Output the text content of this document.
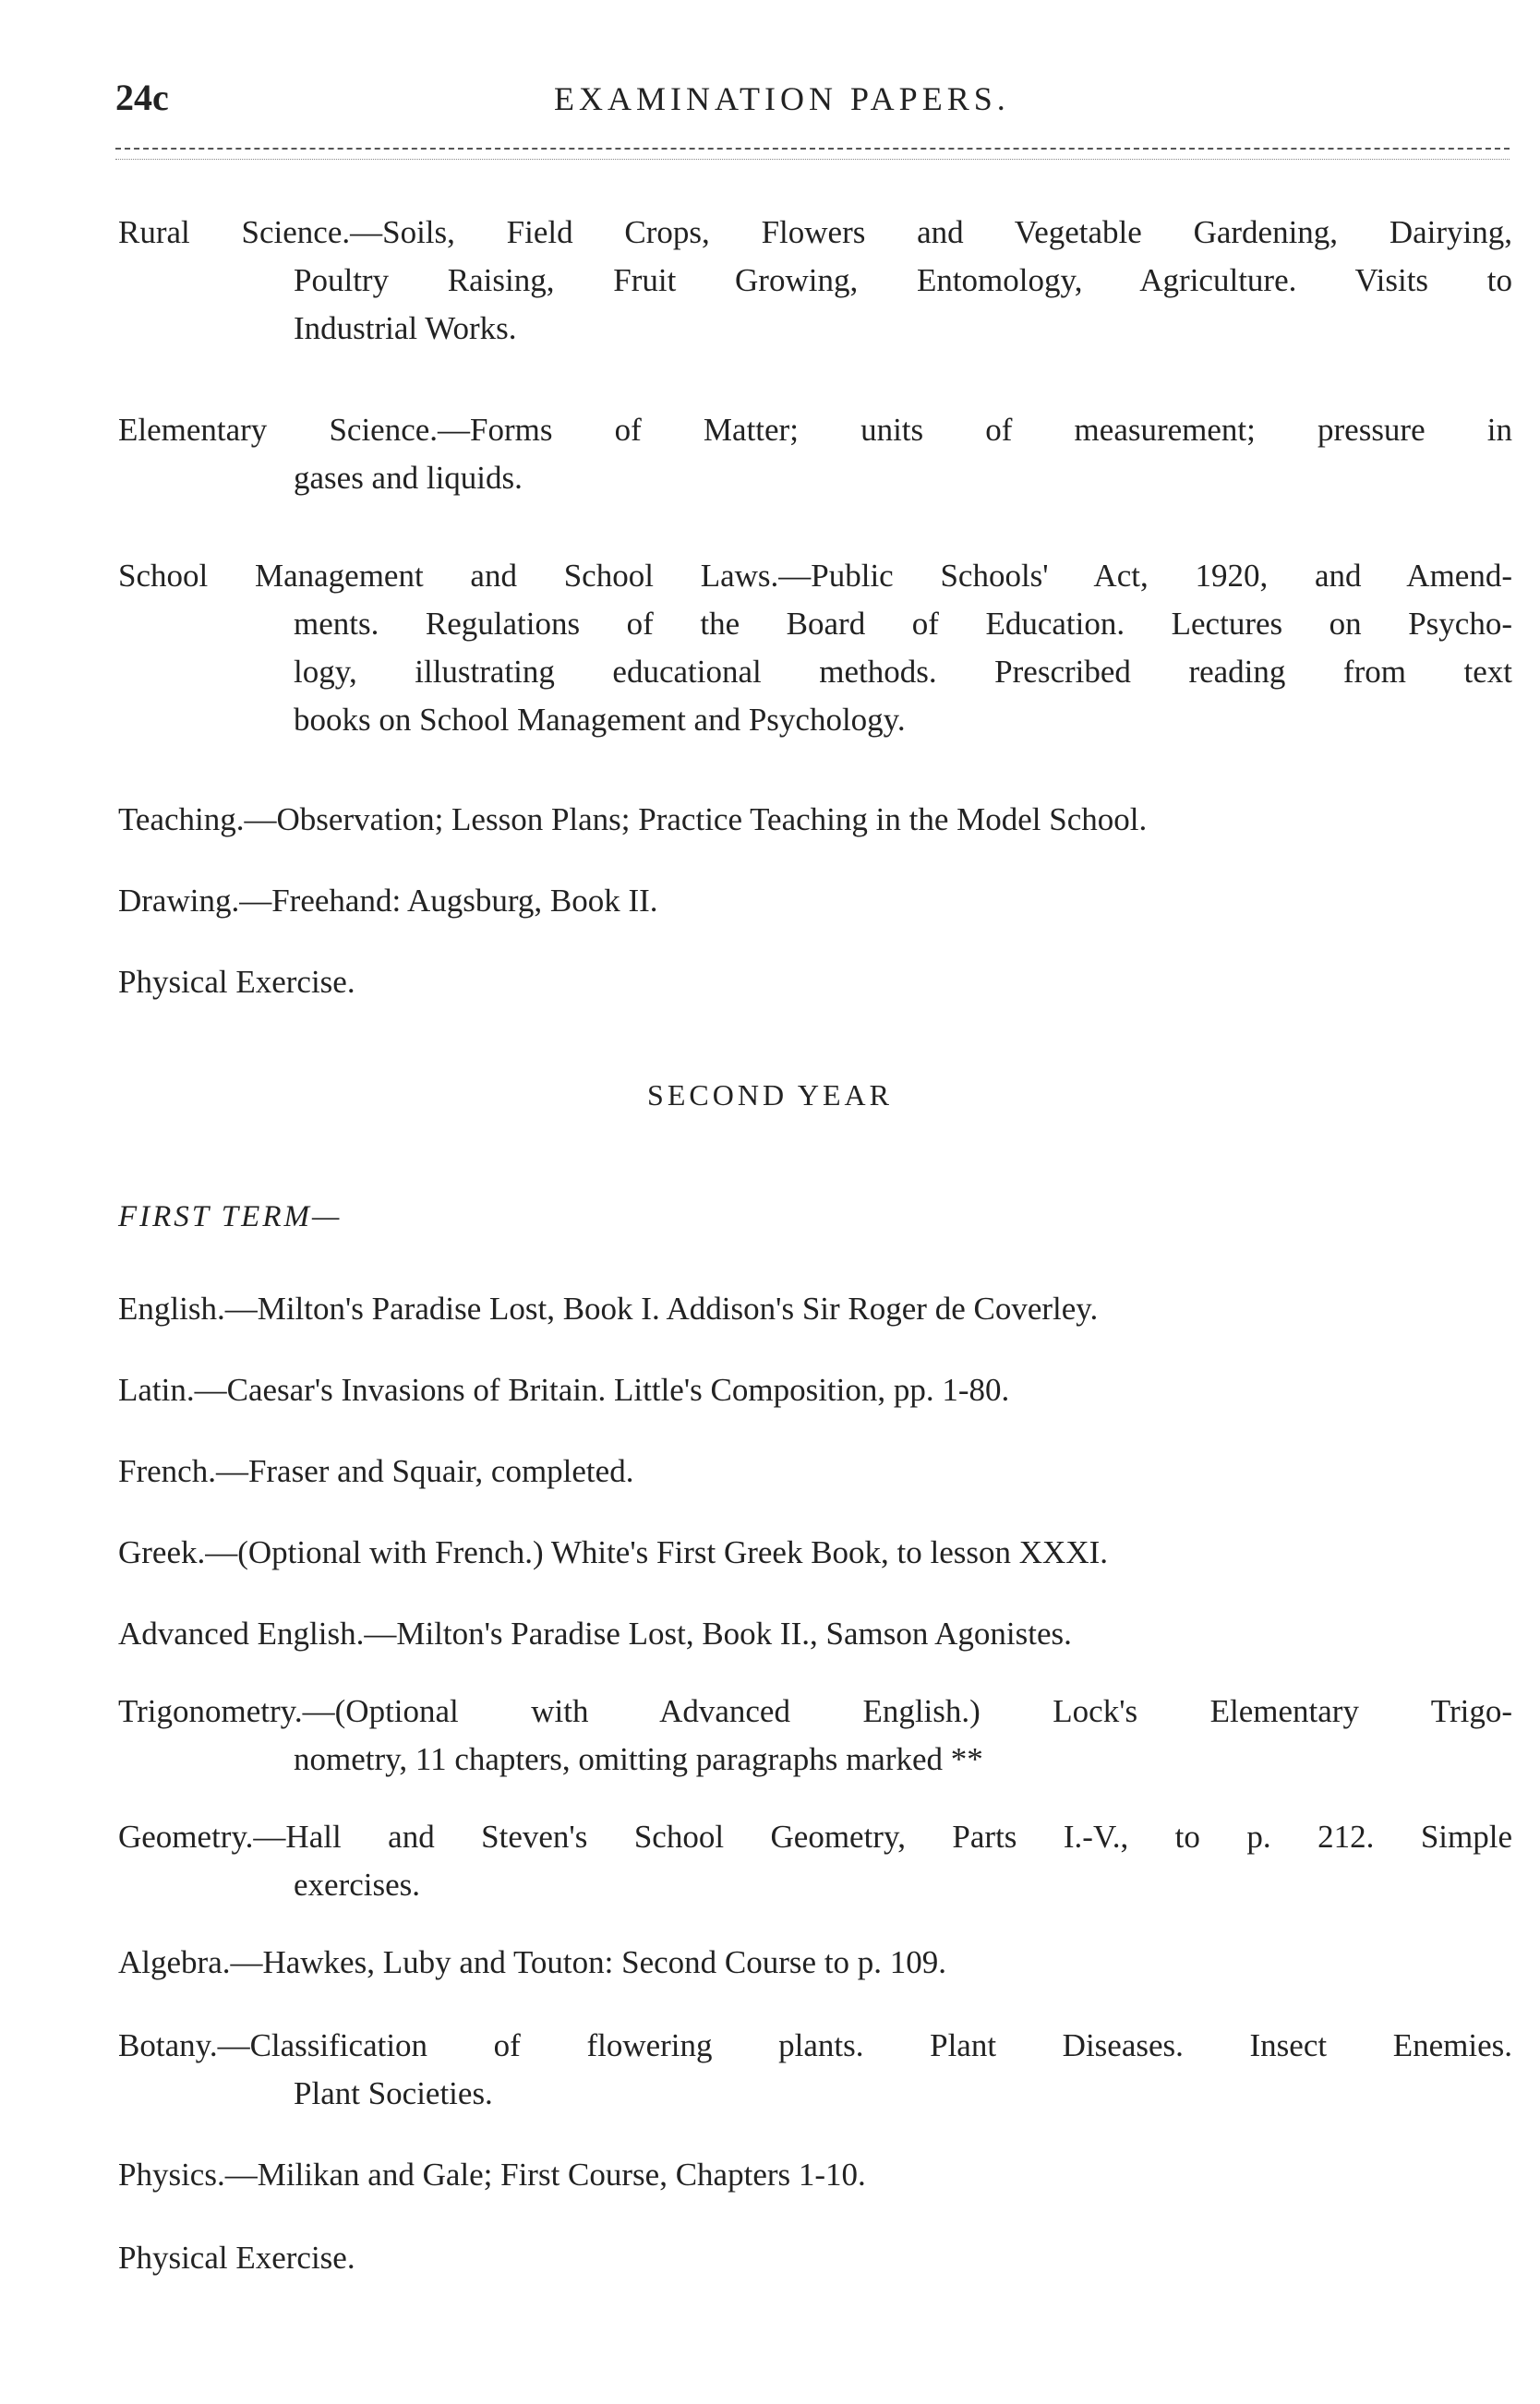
24c	EXAMINATION PAPERS.
Rural Science.—Soils, Field Crops, Flowers and Vegetable Gardening, Dairying,
Poultry Raising, Fruit Growing, Entomology, Agriculture. Visits to
Industrial Works.
Elementary Science.—Forms of Matter; units of measurement; pressure in
gases and liquids.
School Management and School Laws.—Public Schools' Act, 1920, and Amend-
ments. Regulations of the Board of Education. Lectures on Psycho-
logy, illustrating educational methods. Prescribed reading from text
books on School Management and Psychology.
Teaching.—Observation; Lesson Plans; Practice Teaching in the Model School.
Drawing.—Freehand: Augsburg, Book II.
Physical Exercise.
SECOND YEAR
FIRST TERM—
English.—Milton's Paradise Lost, Book I. Addison's Sir Roger de Coverley.
Latin.—Caesar's Invasions of Britain. Little's Composition, pp. 1-80.
French.—Fraser and Squair, completed.
Greek.—(Optional with French.) White's First Greek Book, to lesson XXXI.
Advanced English.—Milton's Paradise Lost, Book II., Samson Agonistes.
Trigonometry.—(Optional with Advanced English.) Lock's Elementary Trigo-
nometry, 11 chapters, omitting paragraphs marked **
Geometry.—Hall and Steven's School Geometry, Parts I.-V., to p. 212. Simple
exercises.
Algebra.—Hawkes, Luby and Touton: Second Course to p. 109.
Botany.—Classification of flowering plants. Plant Diseases. Insect Enemies.
Plant Societies.
Physics.—Milikan and Gale; First Course, Chapters 1-10.
Physical Exercise.
